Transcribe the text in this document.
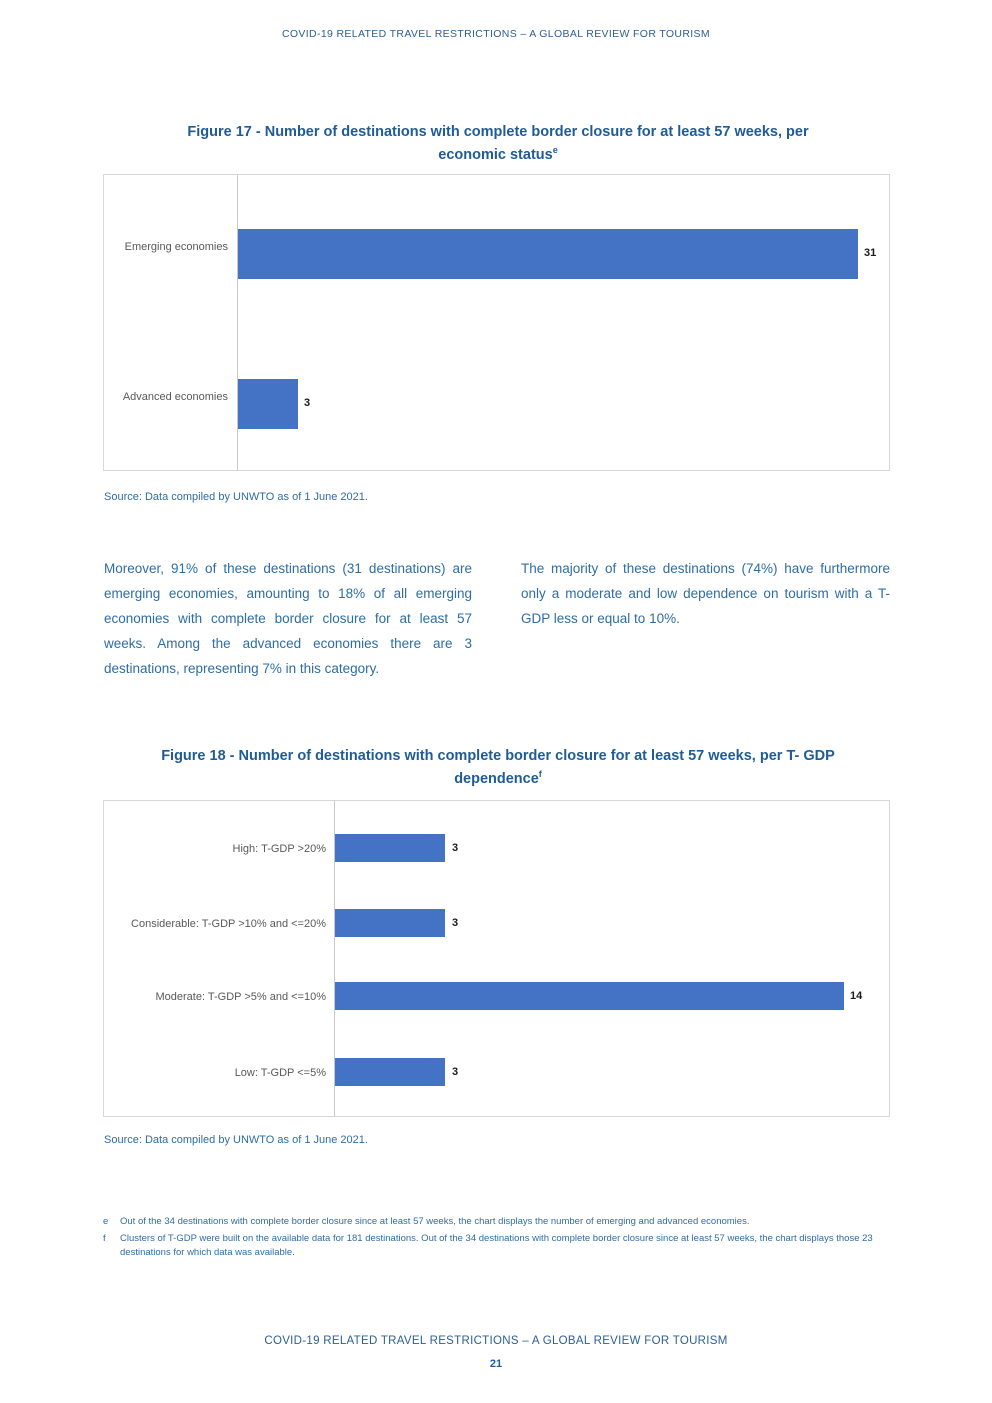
COVID-19 RELATED TRAVEL RESTRICTIONS – A GLOBAL REVIEW FOR TOURISM
Figure 17 - Number of destinations with complete border closure for at least 57 weeks, per
economic status$^e$
Emerging economies	31
Advanced economies	3
Source: Data compiled by UNWTO as of 1 June 2021.
Moreover, 91% of these destinations (31 destinations) are emerging economies, amounting to 18% of all emerging economies with complete border closure for at least 57 weeks. Among the advanced economies there are 3 destinations, representing 7% in this category.
The majority of these destinations (74%) have furthermore only a moderate and low dependence on tourism with a T-GDP less or equal to 10%.
Figure 18 - Number of destinations with complete border closure for at least 57 weeks, per T- GDP
dependence$^f$
High: T-GDP >20%	3
Considerable: T-GDP >10% and <=20%	3
Moderate: T-GDP >5% and <=10%	14
Low: T-GDP <=5%	3
Source: Data compiled by UNWTO as of 1 June 2021.
e	Out of the 34 destinations with complete border closure since at least 57 weeks, the chart displays the number of emerging and advanced economies.
f	Clusters of T-GDP were built on the available data for 181 destinations. Out of the 34 destinations with complete border closure since at least 57 weeks, the chart displays those 23 destinations for which data was available.
COVID-19 RELATED TRAVEL RESTRICTIONS – A GLOBAL REVIEW FOR TOURISM
21
